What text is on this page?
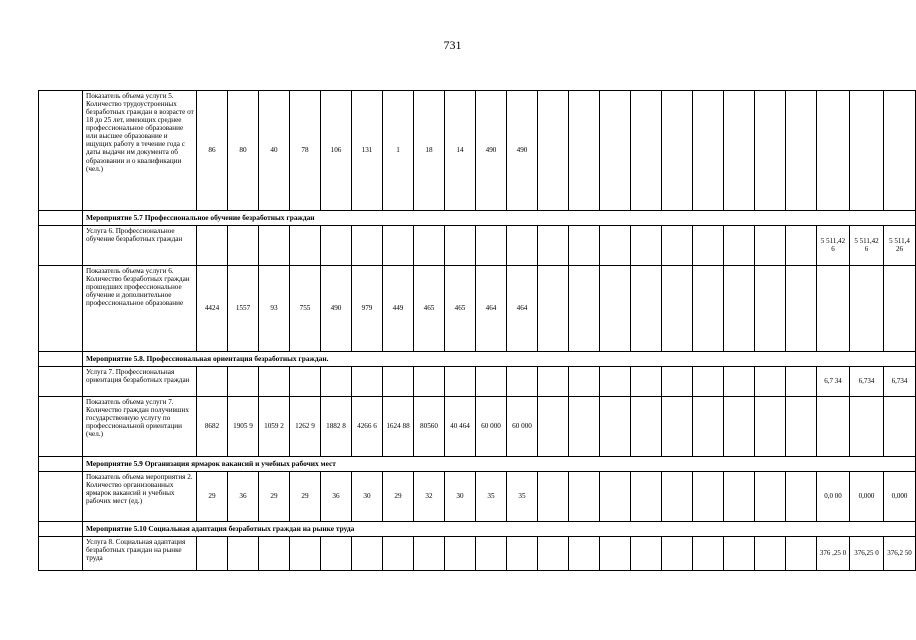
731
	Показатель объема услуги 5. Количество трудоустроенных безработных граждан в возрасте от 18 до 25 лет, имеющих среднее профессиональное образование или высшее образование и ищущих работу в течение года с даты выдачи им документа об образовании и о квалификации (чел.)	86	80	40	78	106	131	1	18	14	490	490												
	Мероприятие 5.7 Профессиональное обучение безработных граждан																							
	Услуга 6. Профессиональное обучение безработных граждан																					5 511,42 6	5 511,42 6	5 511,4 26
	Показатель объема услуги 6. Количество безработных граждан прошедших профессиональное обучение и дополнительное профессиональное образование	4424	1557	93	755	490	979	449	465	465	464	464												
	Мероприятие 5.8. Профессиональная ориентация безработных граждан.																							
	Услуга 7. Профессиональная ориентация безработных граждан																					6,7 34	6,734	6,734
	Показатель объема услуги 7. Количество граждан получивших государственную услугу по профессиональной ориентации (чел.)	8682	1905 9	1059 2	1262 9	1882 8	4266 6	1624 88	80560	40 464	60 000	60 000												
	Мероприятие 5.9 Организация ярмарок вакансий и учебных рабочих мест																							
	Показатель объема мероприятия 2. Количество организованных ярмарок вакансий и учебных рабочих мест (ед.)	29	36	29	29	36	30	29	32	30	35	35										0,0 00	0,000	0,000
	Мероприятие 5.10 Социальная адаптация безработных граждан на рынке труда																							
	Услуга 8. Социальная адаптация безработных граждан на рынке труда																					376 ,25 0	376,25 0	376,2 50
